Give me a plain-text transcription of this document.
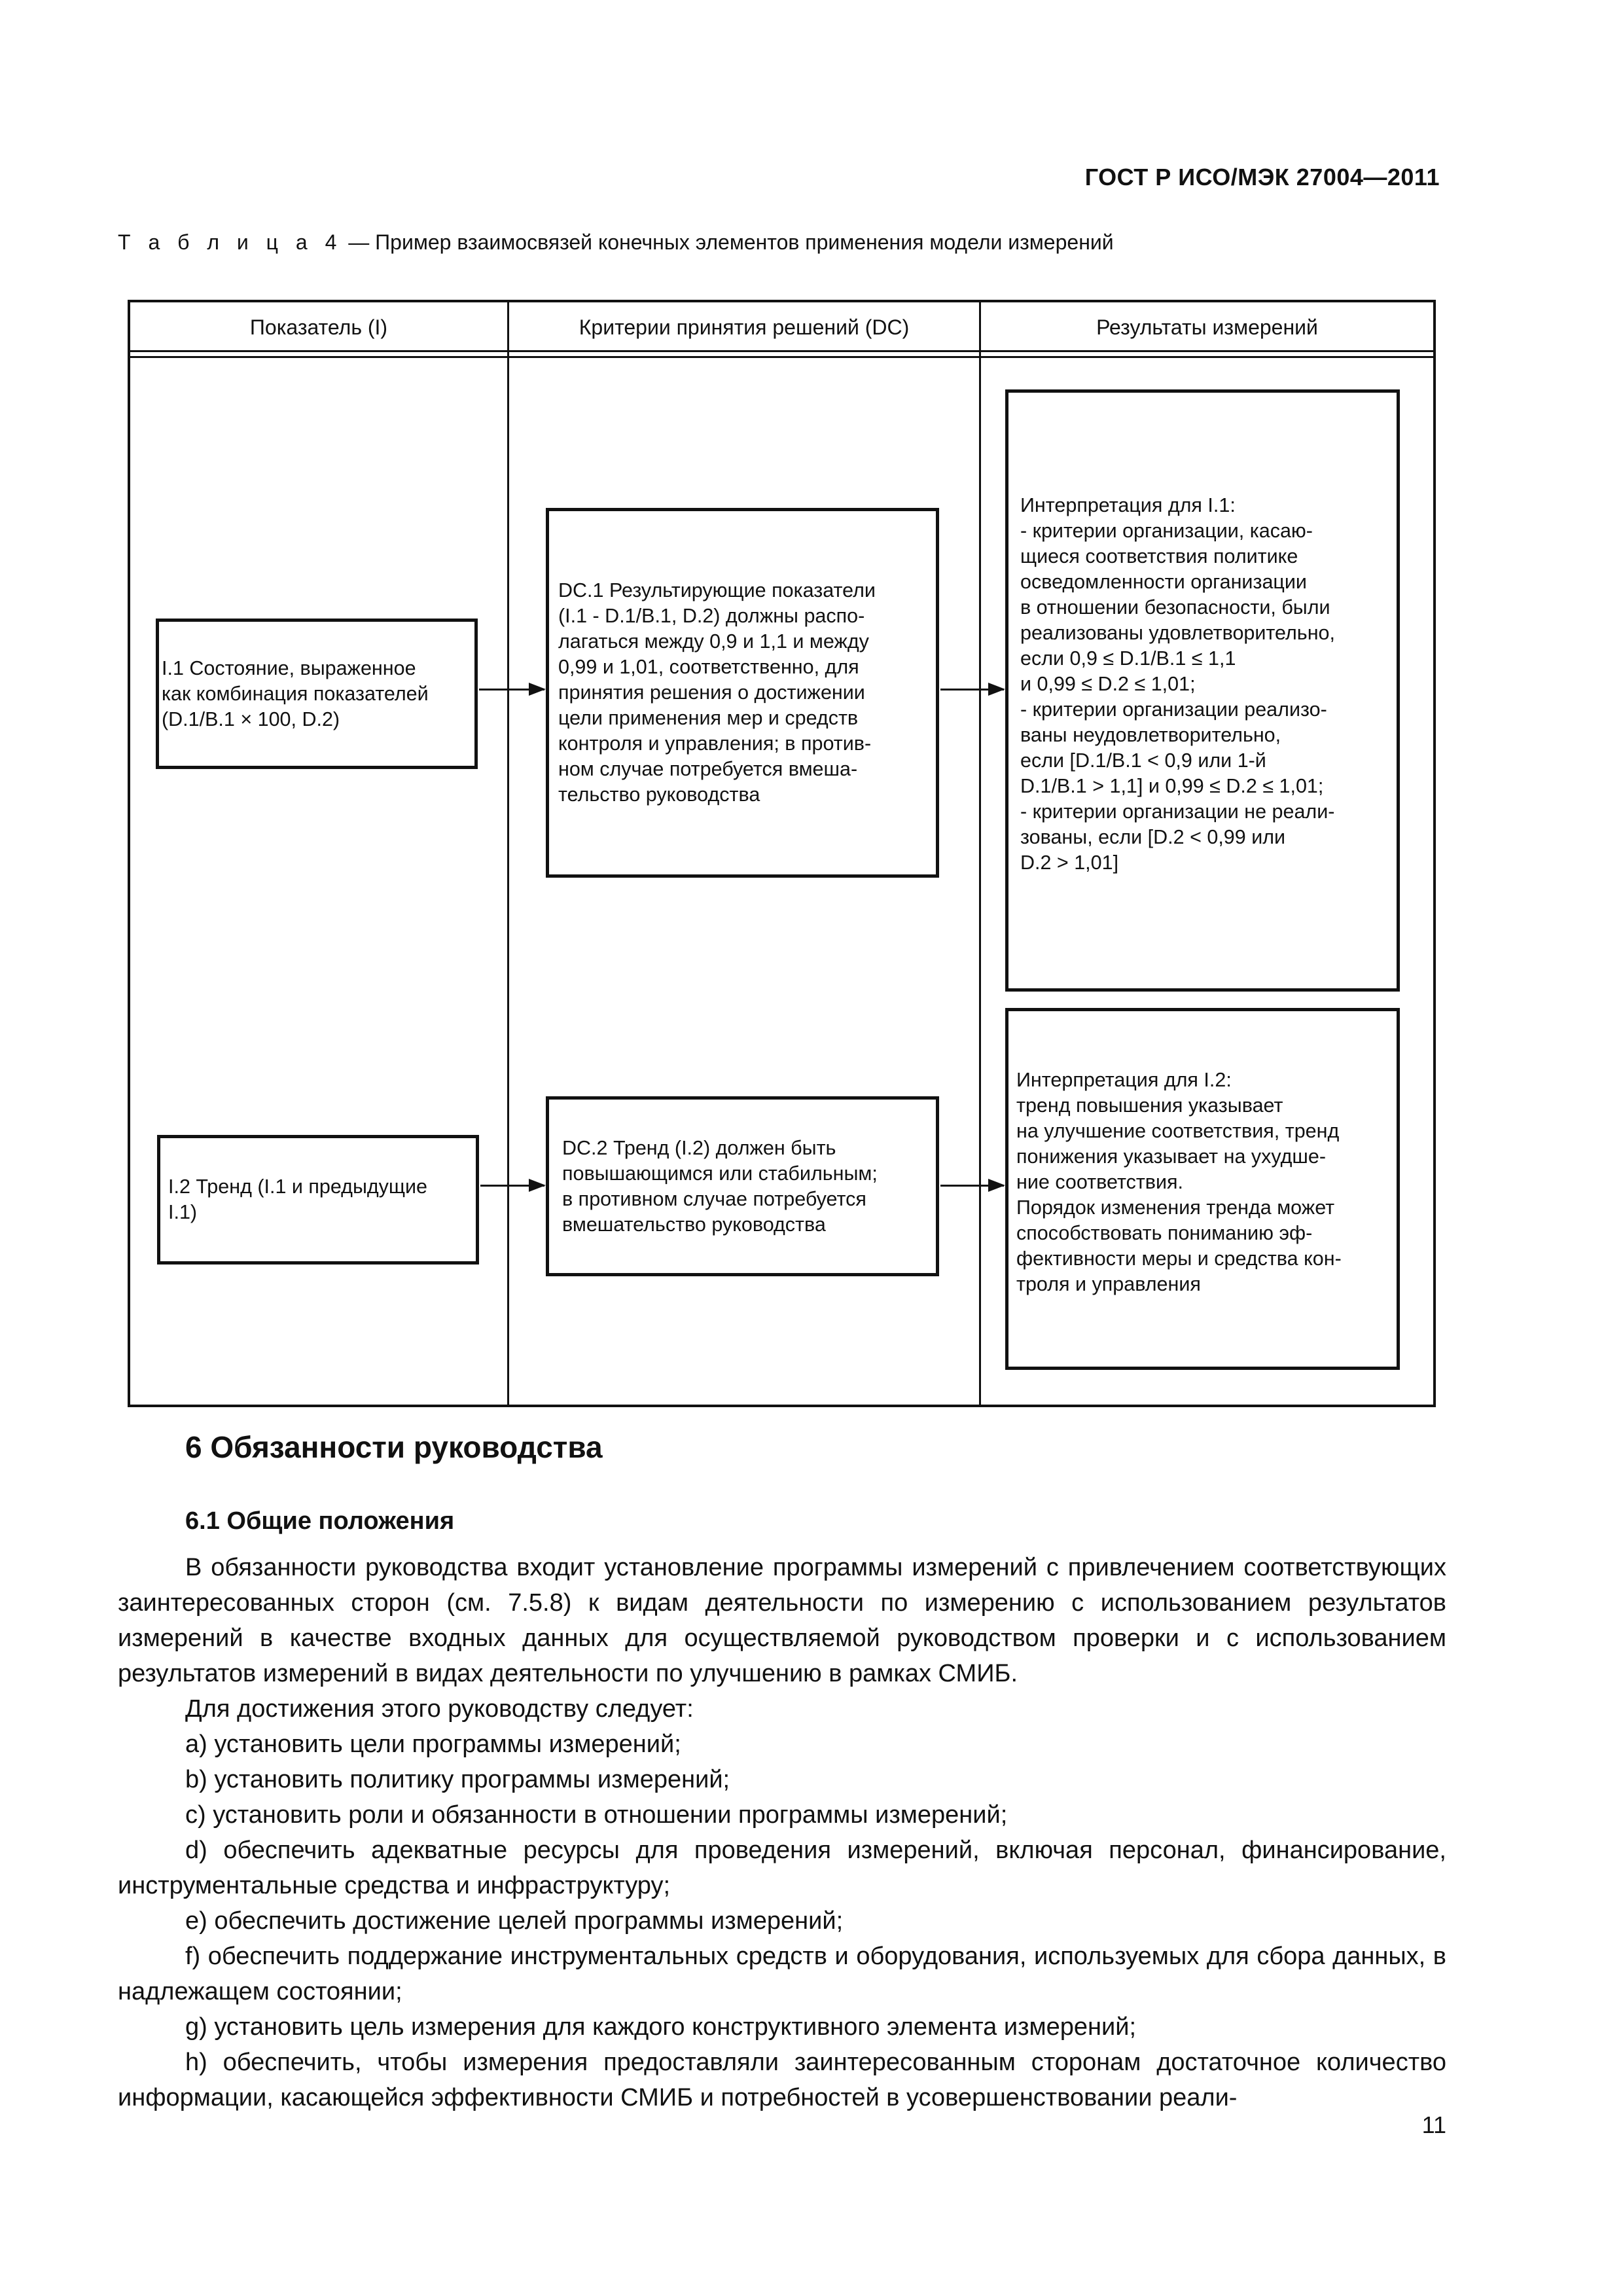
ГОСТ Р ИСО/МЭК 27004—2011
Т а б л и ц а 4 — Пример взаимосвязей конечных элементов применения модели измерений
Показатель (I)	Критерии принятия решений (DC)	Результаты измерений
I.1 Состояние, выраженное
как комбинация показателей
(D.1/B.1 × 100, D.2)
DC.1 Результирующие показатели
(I.1 - D.1/B.1, D.2) должны распо-
лагаться между 0,9 и 1,1 и между
0,99 и 1,01, соответственно, для
принятия решения о достижении
цели применения мер и средств
контроля и управления; в против-
ном случае потребуется вмеша-
тельство руководства
Интерпретация для I.1:
- критерии организации, касаю-
щиеся соответствия политике
осведомленности организации
в отношении безопасности, были
реализованы удовлетворительно,
если 0,9 ≤ D.1/B.1 ≤ 1,1
и 0,99 ≤ D.2 ≤ 1,01;
- критерии организации реализо-
ваны неудовлетворительно,
если [D.1/B.1 < 0,9 или 1-й
D.1/B.1 > 1,1] и 0,99 ≤ D.2 ≤ 1,01;
- критерии организации не реали-
зованы, если [D.2 < 0,99 или
D.2 > 1,01]
I.2 Тренд (I.1 и предыдущие
I.1)
DC.2 Тренд (I.2) должен быть
повышающимся или стабильным;
в противном случае потребуется
вмешательство руководства
Интерпретация для I.2:
тренд повышения указывает
на улучшение соответствия, тренд
понижения указывает на ухудше-
ние соответствия.
Порядок изменения тренда может
способствовать пониманию эф-
фективности меры и средства кон-
троля и управления
6 Обязанности руководства
6.1 Общие положения

В обязанности руководства входит установление программы измерений с привлечением соответствующих заинтересованных сторон (см. 7.5.8) к видам деятельности по измерению с использованием результатов измерений в качестве входных данных для осуществляемой руководством проверки и с использованием результатов измерений в видах деятельности по улучшению в рамках СМИБ.

Для достижения этого руководству следует:

a) установить цели программы измерений;

b) установить политику программы измерений;

c) установить роли и обязанности в отношении программы измерений;

d) обеспечить адекватные ресурсы для проведения измерений, включая персонал, финансирование, инструментальные средства и инфраструктуру;

e) обеспечить достижение целей программы измерений;

f) обеспечить поддержание инструментальных средств и оборудования, используемых для сбора данных, в надлежащем состоянии;

g) установить цель измерения для каждого конструктивного элемента измерений;

h) обеспечить, чтобы измерения предоставляли заинтересованным сторонам достаточное количество информации, касающейся эффективности СМИБ и потребностей в усовершенствовании реали-

11
